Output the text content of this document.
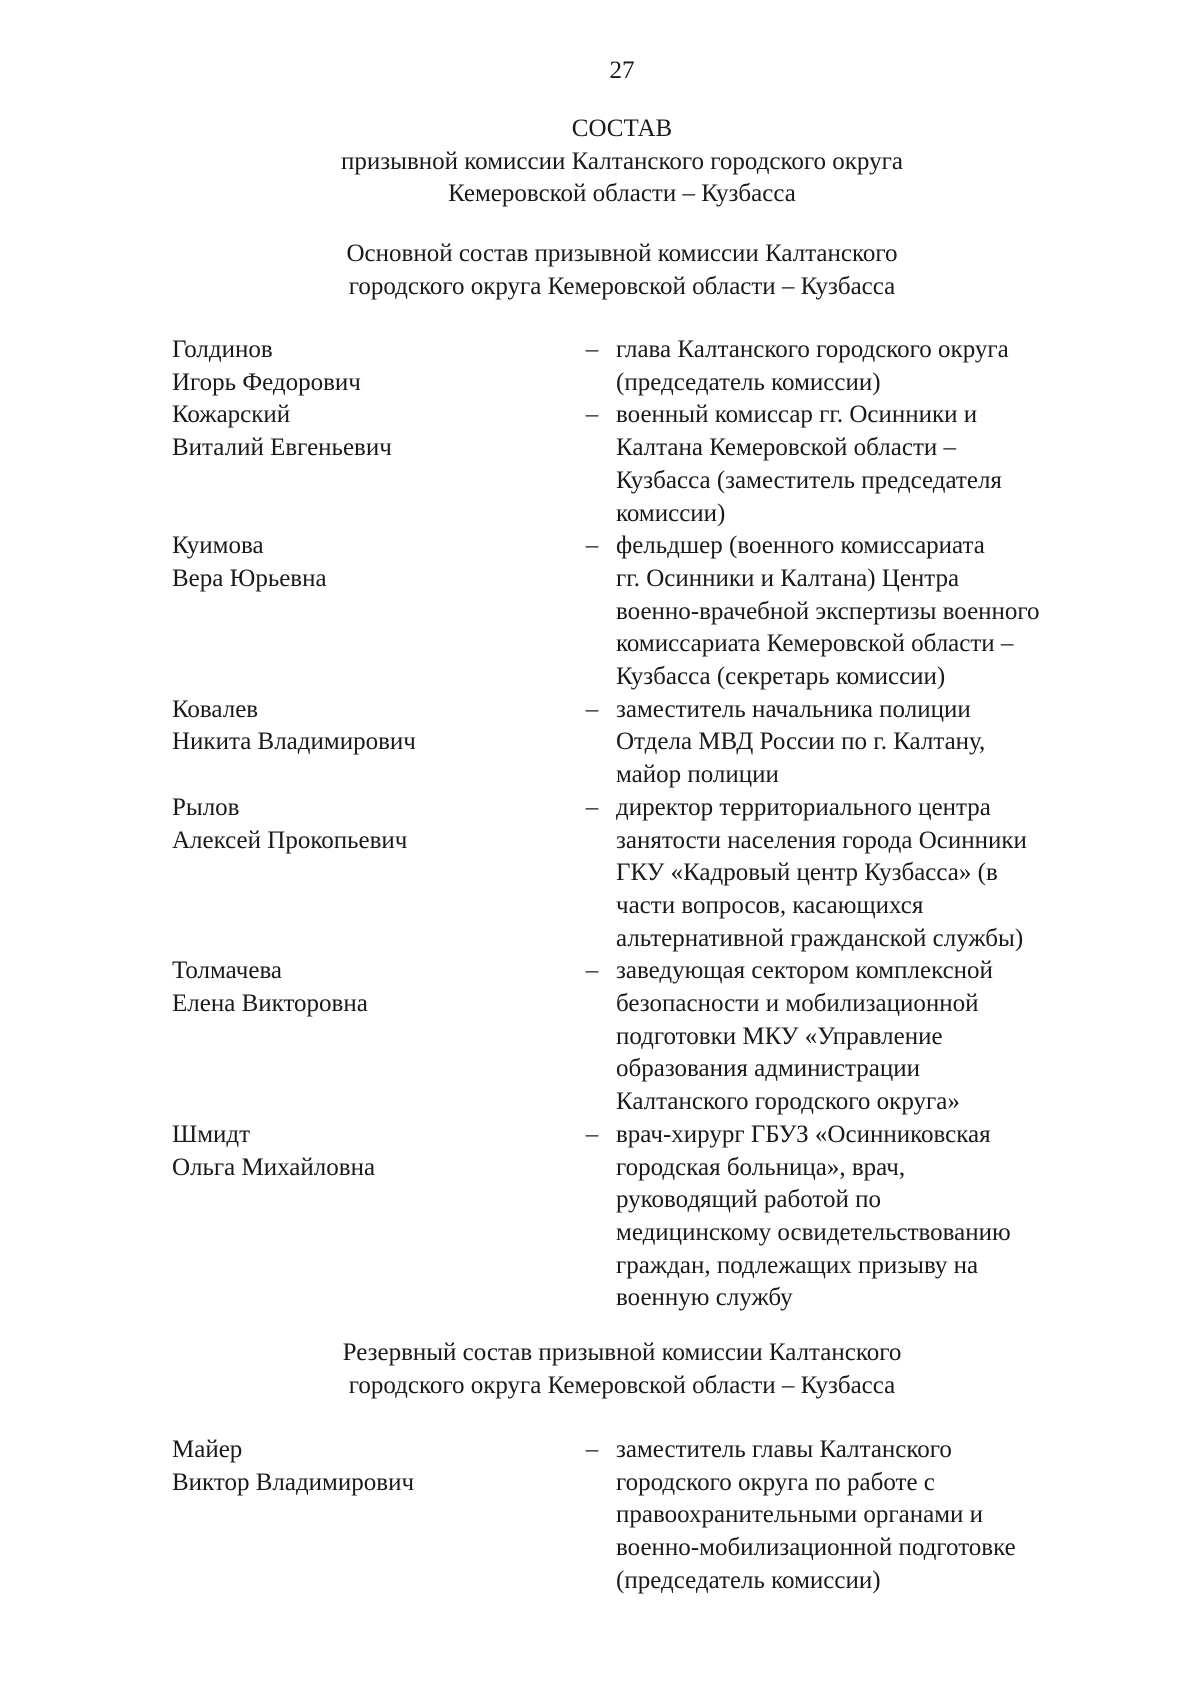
27
СОСТАВ
призывной комиссии Калтанского городского округа
Кемеровской области – Кузбасса
Основной состав призывной комиссии Калтанского
городского округа Кемеровской области – Кузбасса
Голдинов
Игорь Федорович
– глава Калтанского городского округа
(председатель комиссии)
Кожарский
Виталий Евгеньевич
– военный комиссар гг. Осинники и
Калтана Кемеровской области –
Кузбасса (заместитель председателя
комиссии)
Куимова
Вера Юрьевна
– фельдшер (военного комиссариата
гг. Осинники и Калтана) Центра
военно-врачебной экспертизы военного
комиссариата Кемеровской области –
Кузбасса (секретарь комиссии)
Ковалев
Никита Владимирович
– заместитель начальника полиции
Отдела МВД России по г. Калтану,
майор полиции
Рылов
Алексей Прокопьевич
– директор территориального центра
занятости населения города Осинники
ГКУ «Кадровый центр Кузбасса» (в
части вопросов, касающихся
альтернативной гражданской службы)
Толмачева
Елена Викторовна
– заведующая сектором комплексной
безопасности и мобилизационной
подготовки МКУ «Управление
образования администрации
Калтанского городского округа»
Шмидт
Ольга Михайловна
– врач-хирург ГБУЗ «Осинниковская
городская больница», врач,
руководящий работой по
медицинскому освидетельствованию
граждан, подлежащих призыву на
военную службу
Резервный состав призывной комиссии Калтанского
городского округа Кемеровской области – Кузбасса
Майер
Виктор Владимирович
– заместитель главы Калтанского
городского округа по работе с
правоохранительными органами и
военно-мобилизационной подготовке
(председатель комиссии)
